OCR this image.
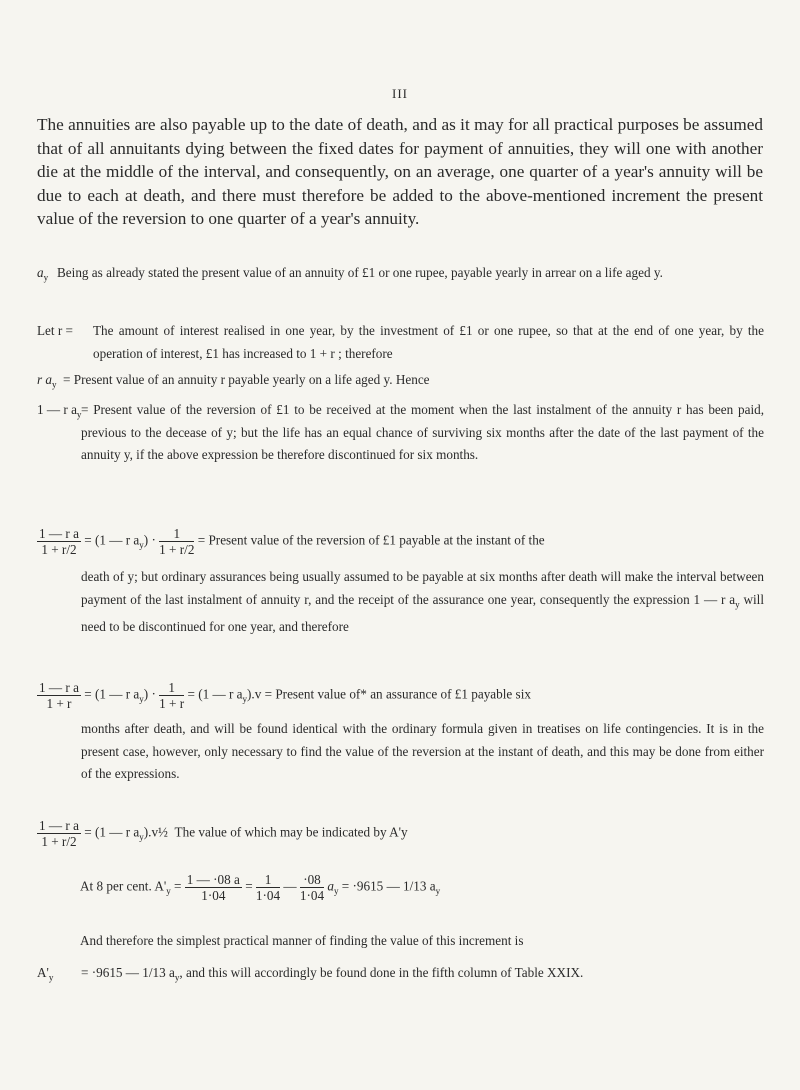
III
The annuities are also payable up to the date of death, and as it may for all practical purposes be assumed that of all annuitants dying between the fixed dates for payment of annuities, they will one with another die at the middle of the interval, and consequently, on an average, one quarter of a year's annuity will be due to each at death, and there must therefore be added to the above-mentioned increment the present value of the reversion to one quarter of a year's annuity.
$a_y$ Being as already stated the present value of an annuity of £1 or one rupee, payable yearly in arrear on a life aged y.
Let r = The amount of interest realised in one year, by the investment of £1 or one rupee, so that at the end of one year, by the operation of interest, £1 has increased to 1 + r ; therefore
r $a_y$ = Present value of an annuity r payable yearly on a life aged y. Hence
1 — r $a_y$ = Present value of the reversion of £1 to be received at the moment when the last instalment of the annuity r has been paid, previous to the decease of y; but the life has an equal chance of surviving six months after the date of the last payment of the annuity y, if the above expression be therefore discontinued for six months.
$\frac{\text{1 — r a}}{1 + r/2} = (1$ — r $a_y) \cdot \frac{1}{1 + r/2}$ = Present value of the reversion of £1 payable at the instant of the
death of y; but ordinary assurances being usually assumed to be payable at six months after death will make the interval between payment of the last instalment of annuity r, and the receipt of the assurance one year, consequently the expression 1 — r $a_y$ will need to be discontinued for one year, and therefore
$\frac{\text{1 — r a}}{1 + r} = (1$ — r $a_y) \cdot \frac{1}{1 + r} = (1$ — r $a_y).v$ = Present value of* an assurance of £1 payable six
months after death, and will be found identical with the ordinary formula given in treatises on life contingencies. It is in the present case, however, only necessary to find the value of the reversion at the instant of death, and this may be done from either of the expressions.
$\frac{\text{1 — r a}}{1 + r/2} = (1$ — r $a_y).v\frac{1}{2}$ The value of which may be indicated by A'y
At 8 per cent. $A'_y = \frac{1 — \cdot 08 a}{1\cdot 04} = \frac{1}{1\cdot 04}$ — $\frac{\cdot 08}{1\cdot 04} a_y = \cdot 9615$ — 1/13 $a_y$
And therefore the simplest practical manner of finding the value of this increment is
$A'_y = \cdot 9615$ — 1/13 $a_y$, and this will accordingly be found done in the fifth column of Table XXIX.
